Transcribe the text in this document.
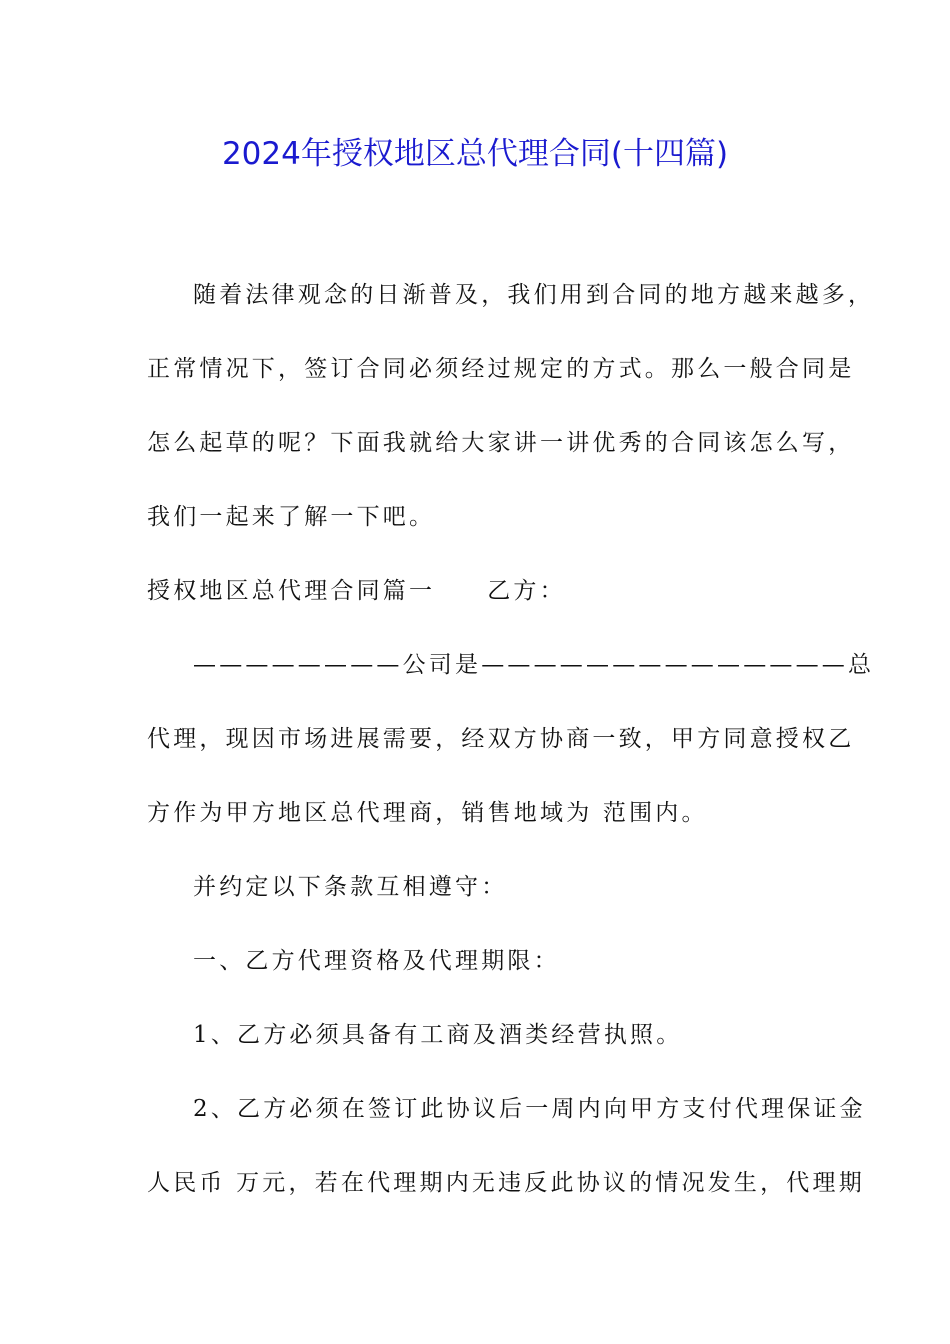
2024年授权地区总代理合同(十四篇)
随着法律观念的日渐普及，我们用到合同的地方越来越多，
正常情况下，签订合同必须经过规定的方式。那么一般合同是
怎么起草的呢？下面我就给大家讲一讲优秀的合同该怎么写，
我们一起来了解一下吧。
授权地区总代理合同篇一 乙方：
————————公司是——————————————总
代理，现因市场进展需要，经双方协商一致，甲方同意授权乙
方作为甲方地区总代理商，销售地域为 范围内。
并约定以下条款互相遵守：
一、乙方代理资格及代理期限：
1、乙方必须具备有工商及酒类经营执照。
2、乙方必须在签订此协议后一周内向甲方支付代理保证金
人民币 万元，若在代理期内无违反此协议的情况发生，代理期
